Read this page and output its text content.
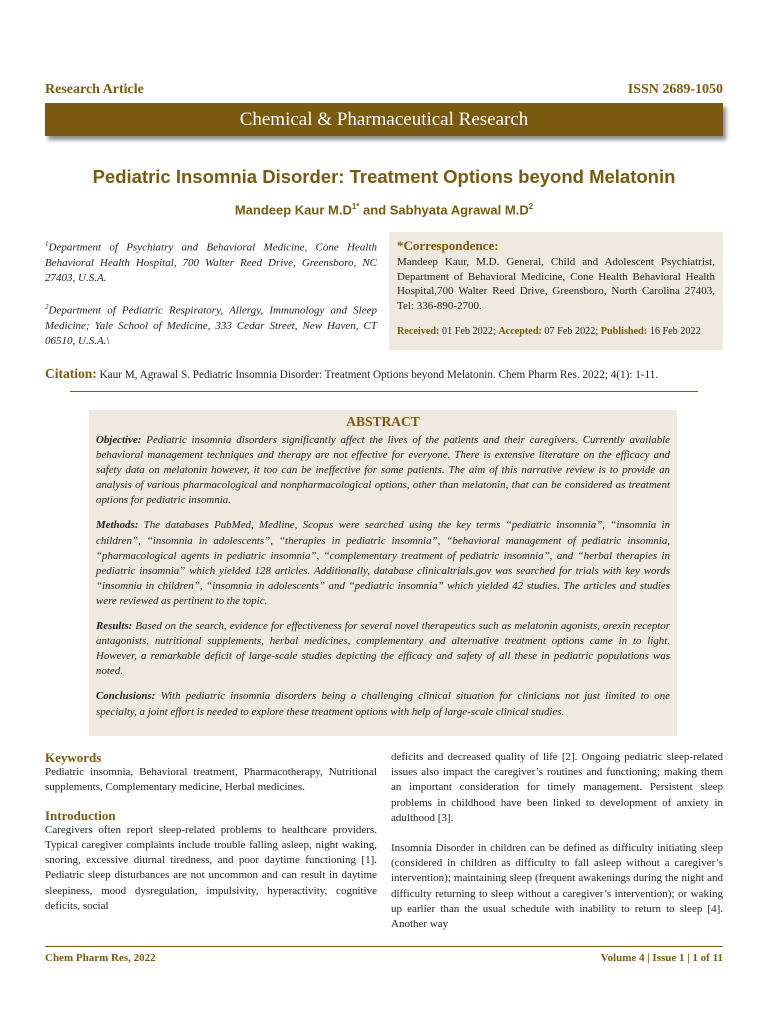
Research Article	ISSN 2689-1050
Chemical & Pharmaceutical Research
Pediatric Insomnia Disorder: Treatment Options beyond Melatonin
Mandeep Kaur $M.D^{1*}$ and Sabhyata Agrawal $M.D^2$
$^1$Department of Psychiatry and Behavioral Medicine, Cone Health Behavioral Health Hospital, 700 Walter Reed Drive, Greensboro, NC 27403, U.S.A.
$^2$Department of Pediatric Respiratory, Allergy, Immunology and Sleep Medicine; Yale School of Medicine, 333 Cedar Street, New Haven, CT 06510, U.S.A.\
*Correspondence:
Mandeep Kaur, M.D. General, Child and Adolescent Psychiatrist, Department of Behavioral Medicine, Cone Health Behavioral Health Hospital,700 Walter Reed Drive, Greensboro, North Carolina 27403, Tel: 336-890-2700.
Received: 01 Feb 2022; Accepted: 07 Feb 2022; Published: 16 Feb 2022
Citation: Kaur M, Agrawal S. Pediatric Insomnia Disorder: Treatment Options beyond Melatonin. Chem Pharm Res. 2022; 4(1): 1-11.
ABSTRACT

Objective: Pediatric insomnia disorders significantly affect the lives of the patients and their caregivers. Currently available behavioral management techniques and therapy are not effective for everyone. There is extensive literature on the efficacy and safety data on melatonin however, it too can be ineffective for some patients. The aim of this narrative review is to provide an analysis of various pharmacological and nonpharmacological options, other than melatonin, that can be considered as treatment options for pediatric insomnia.

Methods: The databases PubMed, Medline, Scopus were searched using the key terms “pediatric insomnia”, “insomnia in children”, “insomnia in adolescents”, “therapies in pediatric insomnia”, “behavioral management of pediatric insomnia, “pharmacological agents in pediatric insomnia”, “complementary treatment of pediatric insomnia”, and “herbal therapies in pediatric insomnia” which yielded 128 articles. Additionally, database clinicaltrials.gov was searched for trials with key words “insomnia in children”, “insomnia in adolescents” and “pediatric insomnia” which yielded 42 studies. The articles and studies were reviewed as pertinent to the topic.

Results: Based on the search, evidence for effectiveness for several novel therapeutics such as melatonin agonists, orexin receptor antagonists, nutritional supplements, herbal medicines, complementary and alternative treatment options came in to light. However, a remarkable deficit of large-scale studies depicting the efficacy and safety of all these in pediatric populations was noted.

Conclusions: With pediatric insomnia disorders being a challenging clinical situation for clinicians not just limited to one specialty, a joint effort is needed to explore these treatment options with help of large-scale clinical studies.

Keywords

Pediatric insomnia, Behavioral treatment, Pharmacotherapy, Nutritional supplements, Complementary medicine, Herbal medicines.

Introduction

Caregivers often report sleep-related problems to healthcare providers. Typical caregiver complaints include trouble falling asleep, night waking, snoring, excessive diurnal tiredness, and poor daytime functioning [1]. Pediatric sleep disturbances are not uncommon and can result in daytime sleepiness, mood dysregulation, impulsivity, hyperactivity, cognitive deficits, social

deficits and decreased quality of life [2]. Ongoing pediatric sleep-related issues also impact the caregiver’s routines and functioning; making them an important consideration for timely management. Persistent sleep problems in childhood have been linked to development of anxiety in adulthood [3].

Insomnia Disorder in children can be defined as difficulty initiating sleep (considered in children as difficulty to fall asleep without a caregiver’s intervention); maintaining sleep (frequent awakenings during the night and difficulty returning to sleep without a caregiver’s intervention); or waking up earlier than the usual schedule with inability to return to sleep [4]. Another way

Chem Pharm Res, 2022	Volume 4 | Issue 1 | 1 of 11
